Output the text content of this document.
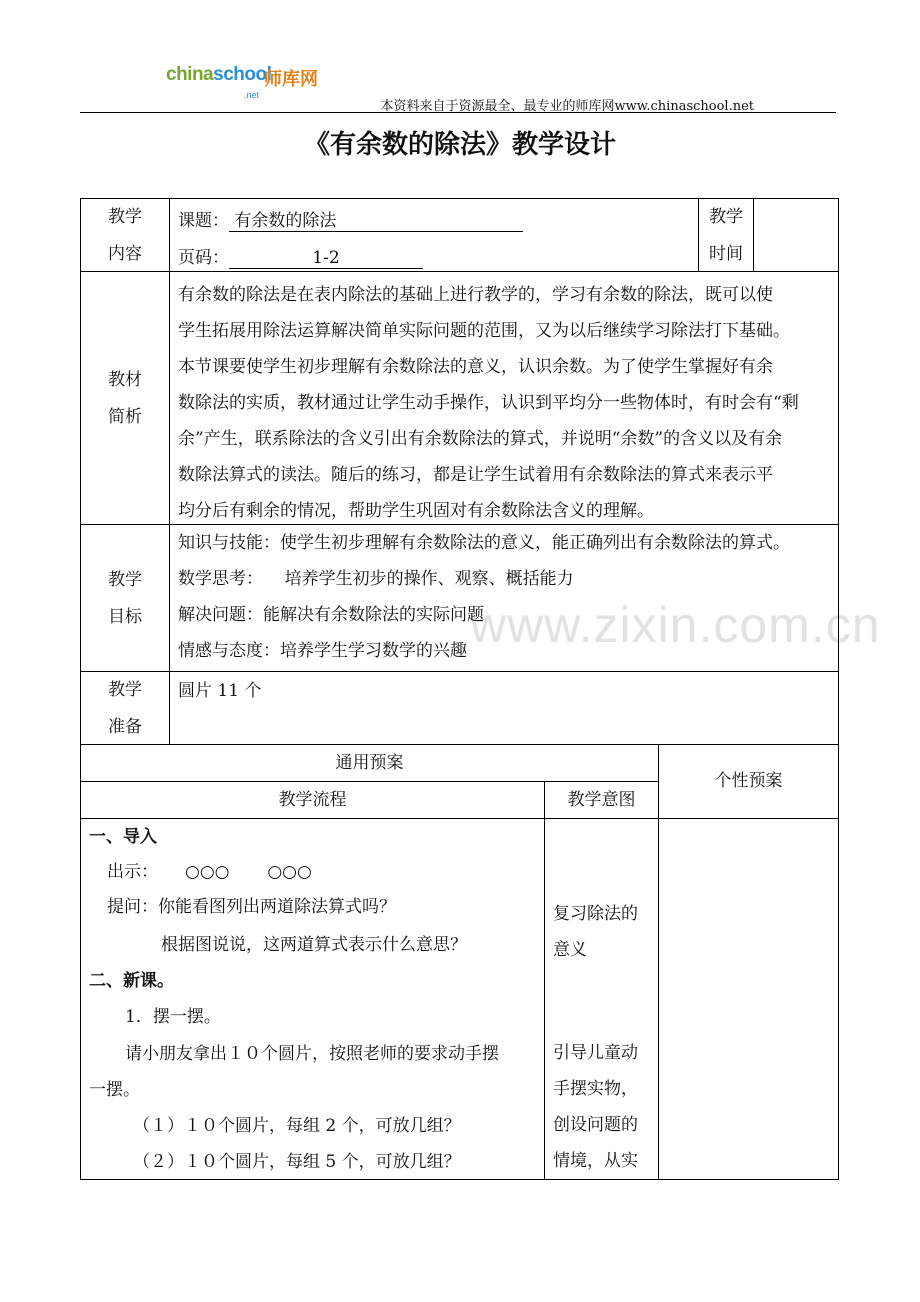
chinaschool
.net
师库网
本资料来自于资源最全、最专业的师库网www.chinaschool.net
《有余数的除法》教学设计
www.zixin.com.cn
教学
内容
课题： 有余数的除法
页码：	1-2
教学
时间
教材
简析
有余数的除法是在表内除法的基础上进行教学的，学习有余数的除法，既可以使
学生拓展用除法运算解决简单实际问题的范围，又为以后继续学习除法打下基础。
本节课要使学生初步理解有余数除法的意义，认识余数。为了使学生掌握好有余
数除法的实质，教材通过让学生动手操作，认识到平均分一些物体时，有时会有“剩
余”产生，联系除法的含义引出有余数除法的算式，并说明“余数”的含义以及有余
数除法算式的读法。随后的练习，都是让学生试着用有余数除法的算式来表示平
均分后有剩余的情况，帮助学生巩固对有余数除法含义的理解。
教学
目标
知识与技能：使学生初步理解有余数除法的意义，能正确列出有余数除法的算式。
数学思考：    培养学生初步的操作、观察、概括能力
解决问题：能解决有余数除法的实际问题
情感与态度：培养学生学习数学的兴趣
教学
准备
圆片 11 个
通用预案
个性预案
教学流程	教学意图
一、导入
出示：     ○○○       ○○○
提问：你能看图列出两道除法算式吗？
根据图说说，这两道算式表示什么意思？
二、新课。
1．摆一摆。
请小朋友拿出１０个圆片，按照老师的要求动手摆
一摆。
（１）１０个圆片，每组 2 个，可放几组？
（２）１０个圆片，每组 5 个，可放几组？
复习除法的
意义
引导儿童动
手摆实物，
创设问题的
情境，从实
